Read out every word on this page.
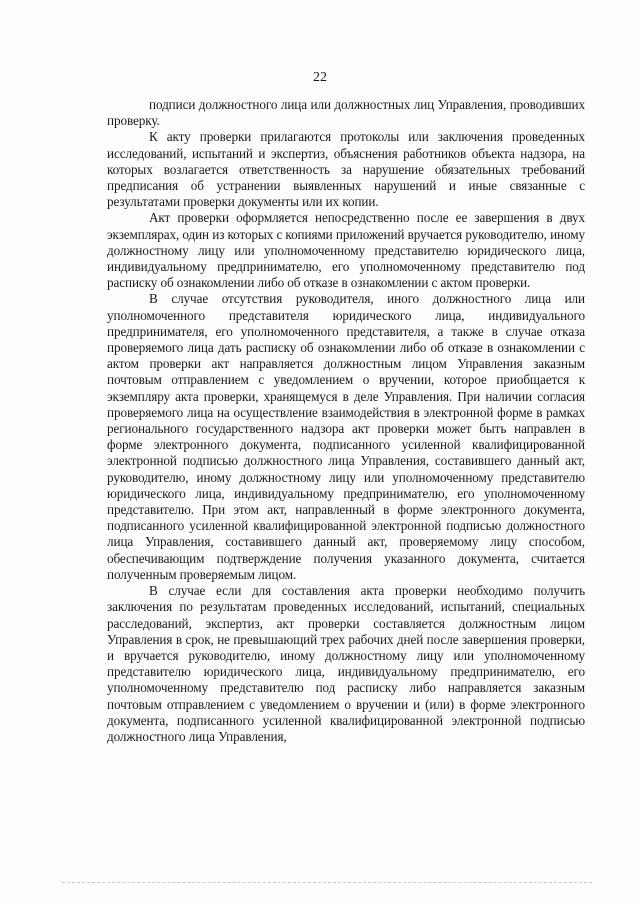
22

подписи должностного лица или должностных лиц Управления, проводивших проверку.

К акту проверки прилагаются протоколы или заключения проведенных исследований, испытаний и экспертиз, объяснения работников объекта надзора, на которых возлагается ответственность за нарушение обязательных требований предписания об устранении выявленных нарушений и иные связанные с результатами проверки документы или их копии.

Акт проверки оформляется непосредственно после ее завершения в двух экземплярах, один из которых с копиями приложений вручается руководителю, иному должностному лицу или уполномоченному представителю юридического лица, индивидуальному предпринимателю, его уполномоченному представителю под расписку об ознакомлении либо об отказе в ознакомлении с актом проверки.

В случае отсутствия руководителя, иного должностного лица или уполномоченного представителя юридического лица, индивидуального предпринимателя, его уполномоченного представителя, а также в случае отказа проверяемого лица дать расписку об ознакомлении либо об отказе в ознакомлении с актом проверки акт направляется должностным лицом Управления заказным почтовым отправлением с уведомлением о вручении, которое приобщается к экземпляру акта проверки, хранящемуся в деле Управления. При наличии согласия проверяемого лица на осуществление взаимодействия в электронной форме в рамках регионального государственного надзора акт проверки может быть направлен в форме электронного документа, подписанного усиленной квалифицированной электронной подписью должностного лица Управления, составившего данный акт, руководителю, иному должностному лицу или уполномоченному представителю юридического лица, индивидуальному предпринимателю, его уполномоченному представителю. При этом акт, направленный в форме электронного документа, подписанного усиленной квалифицированной электронной подписью должностного лица Управления, составившего данный акт, проверяемому лицу способом, обеспечивающим подтверждение получения указанного документа, считается полученным проверяемым лицом.

В случае если для составления акта проверки необходимо получить заключения по результатам проведенных исследований, испытаний, специальных расследований, экспертиз, акт проверки составляется должностным лицом Управления в срок, не превышающий трех рабочих дней после завершения проверки, и вручается руководителю, иному должностному лицу или уполномоченному представителю юридического лица, индивидуальному предпринимателю, его уполномоченному представителю под расписку либо направляется заказным почтовым отправлением с уведомлением о вручении и (или) в форме электронного документа, подписанного усиленной квалифицированной электронной подписью должностного лица Управления,
